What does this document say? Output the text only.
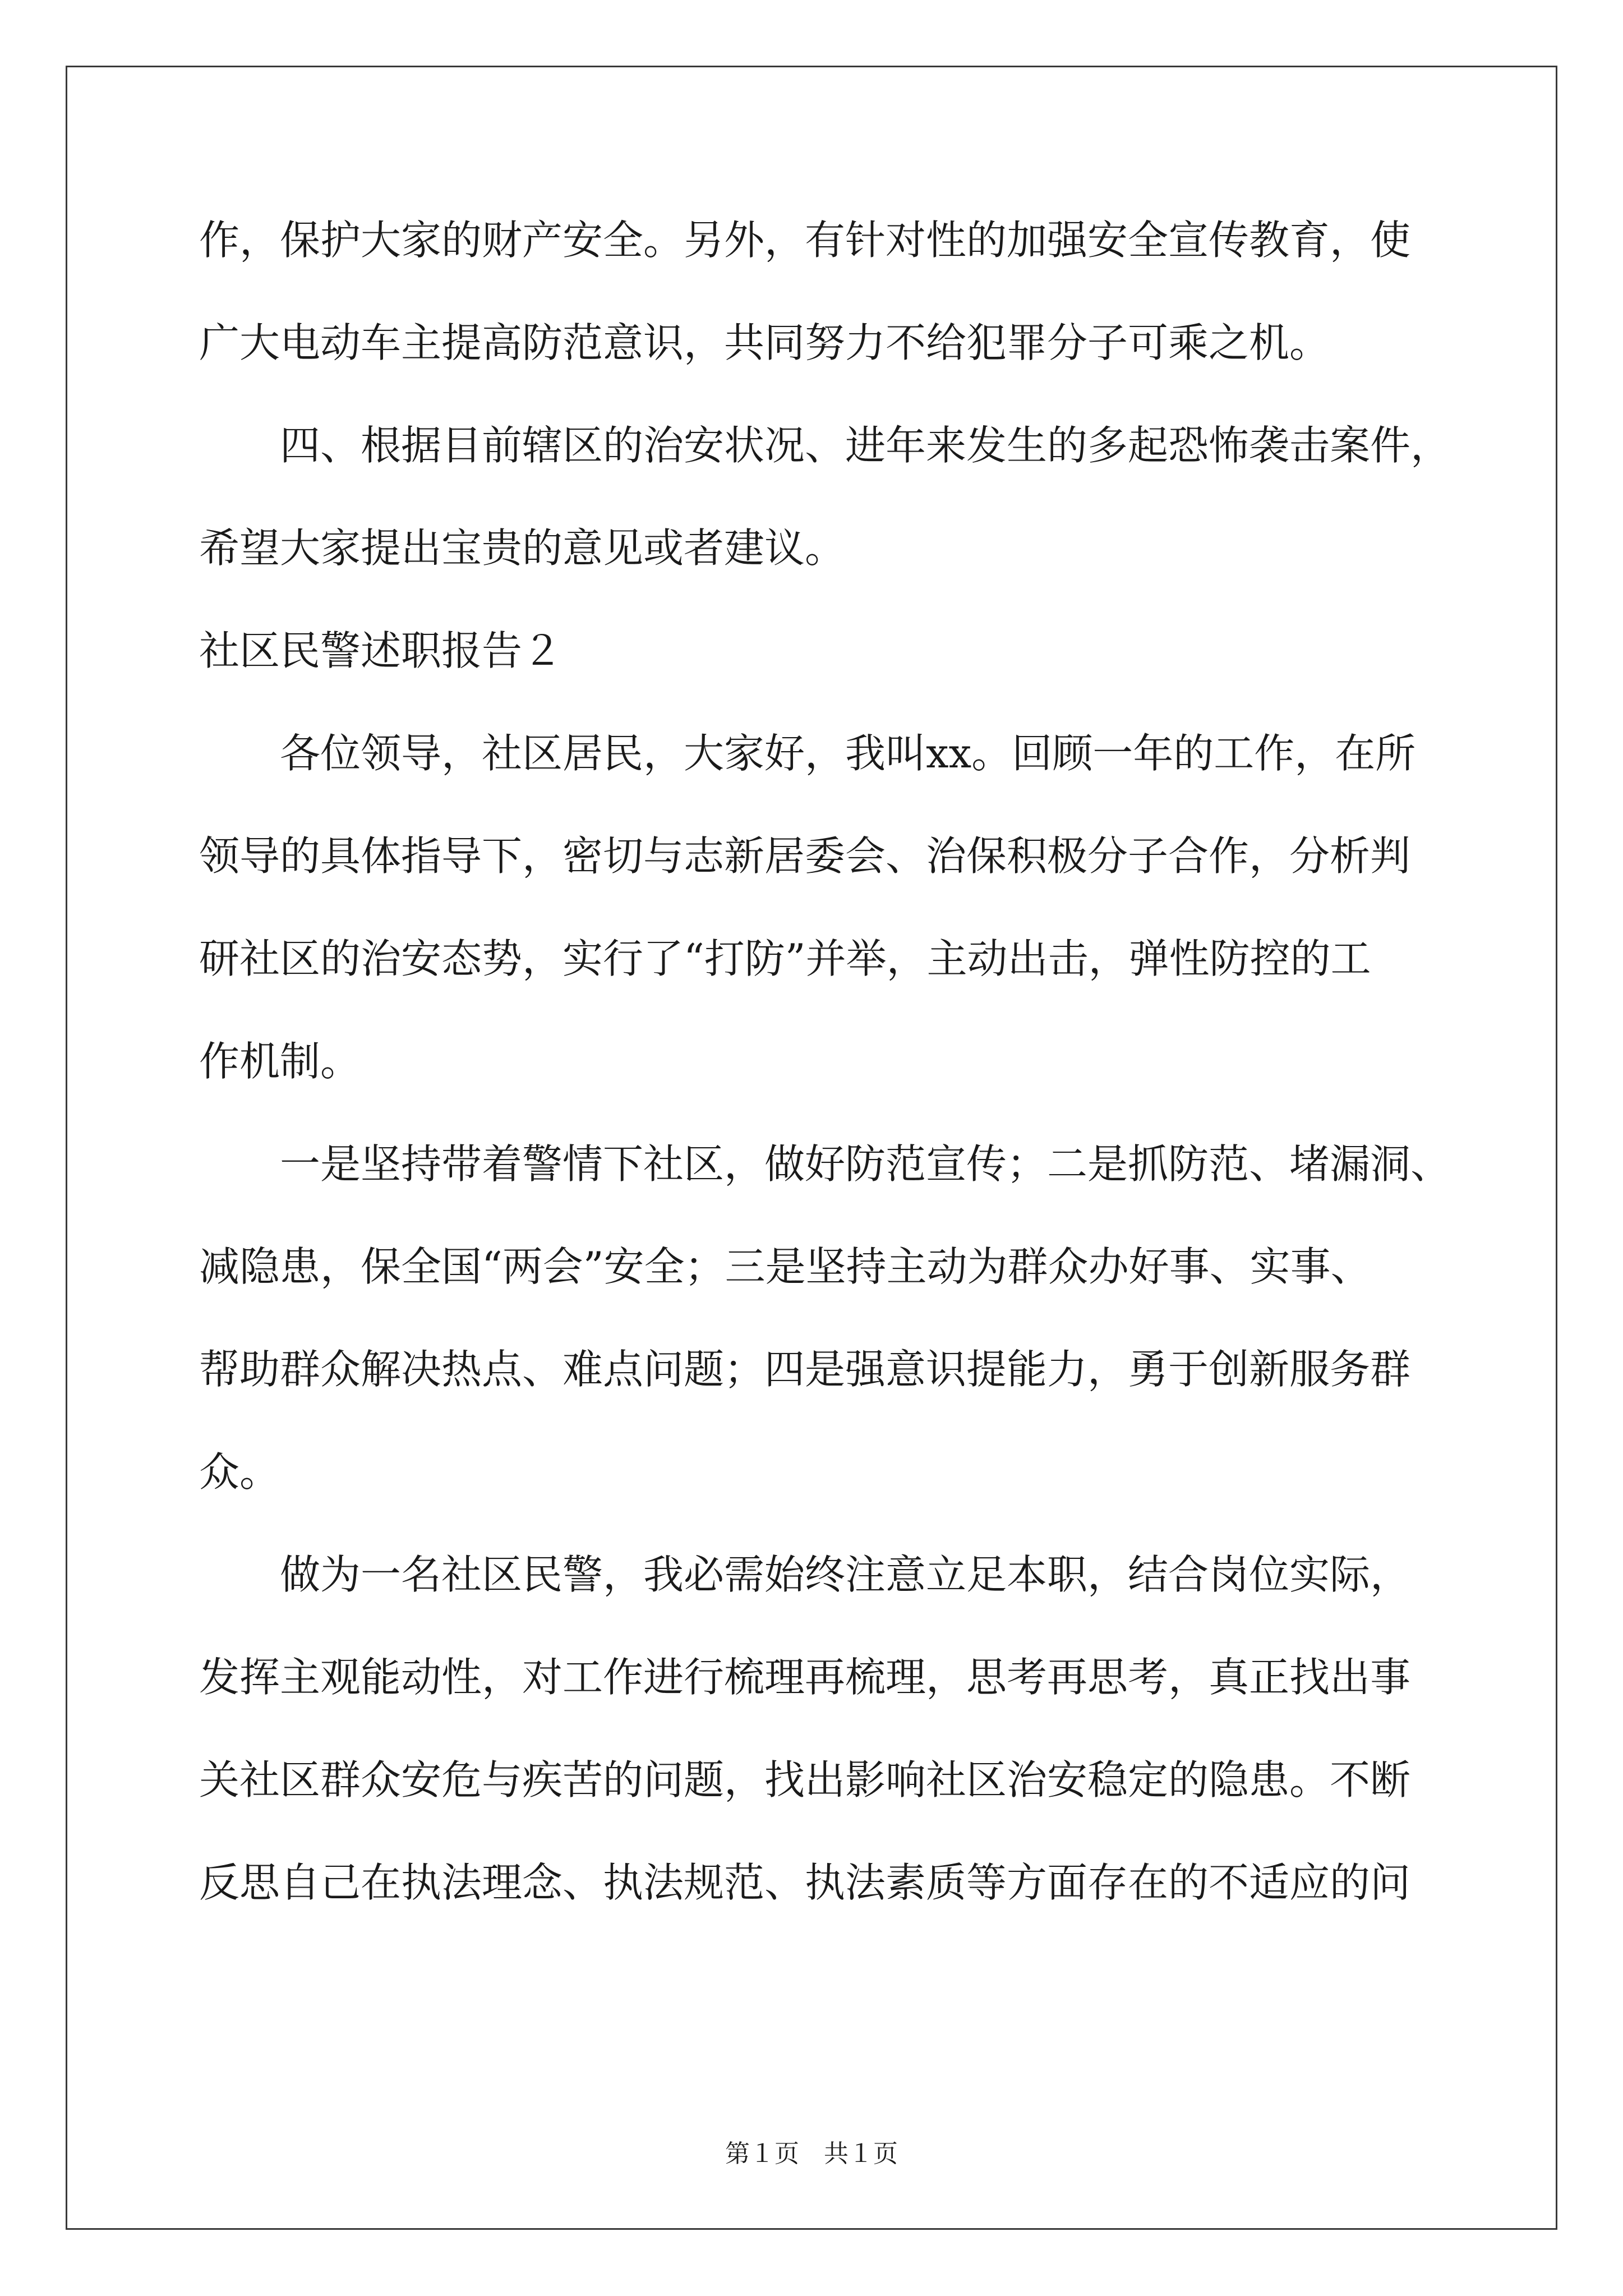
作，保护大家的财产安全。另外，有针对性的加强安全宣传教育，使
广大电动车主提高防范意识，共同努力不给犯罪分子可乘之机。
四、根据目前辖区的治安状况、进年来发生的多起恐怖袭击案件，
希望大家提出宝贵的意见或者建议。
社区民警述职报告２
各位领导，社区居民，大家好，我叫xx。回顾一年的工作，在所
领导的具体指导下，密切与志新居委会、治保积极分子合作，分析判
研社区的治安态势，实行了“打防”并举，主动出击，弹性防控的工
作机制。
一是坚持带着警情下社区，做好防范宣传；二是抓防范、堵漏洞、
减隐患，保全国“两会”安全；三是坚持主动为群众办好事、实事、
帮助群众解决热点、难点问题；四是强意识提能力，勇于创新服务群
众。
做为一名社区民警，我必需始终注意立足本职，结合岗位实际，
发挥主观能动性，对工作进行梳理再梳理，思考再思考，真正找出事
关社区群众安危与疾苦的问题，找出影响社区治安稳定的隐患。不断
反思自己在执法理念、执法规范、执法素质等方面存在的不适应的问
第１页　共１页
